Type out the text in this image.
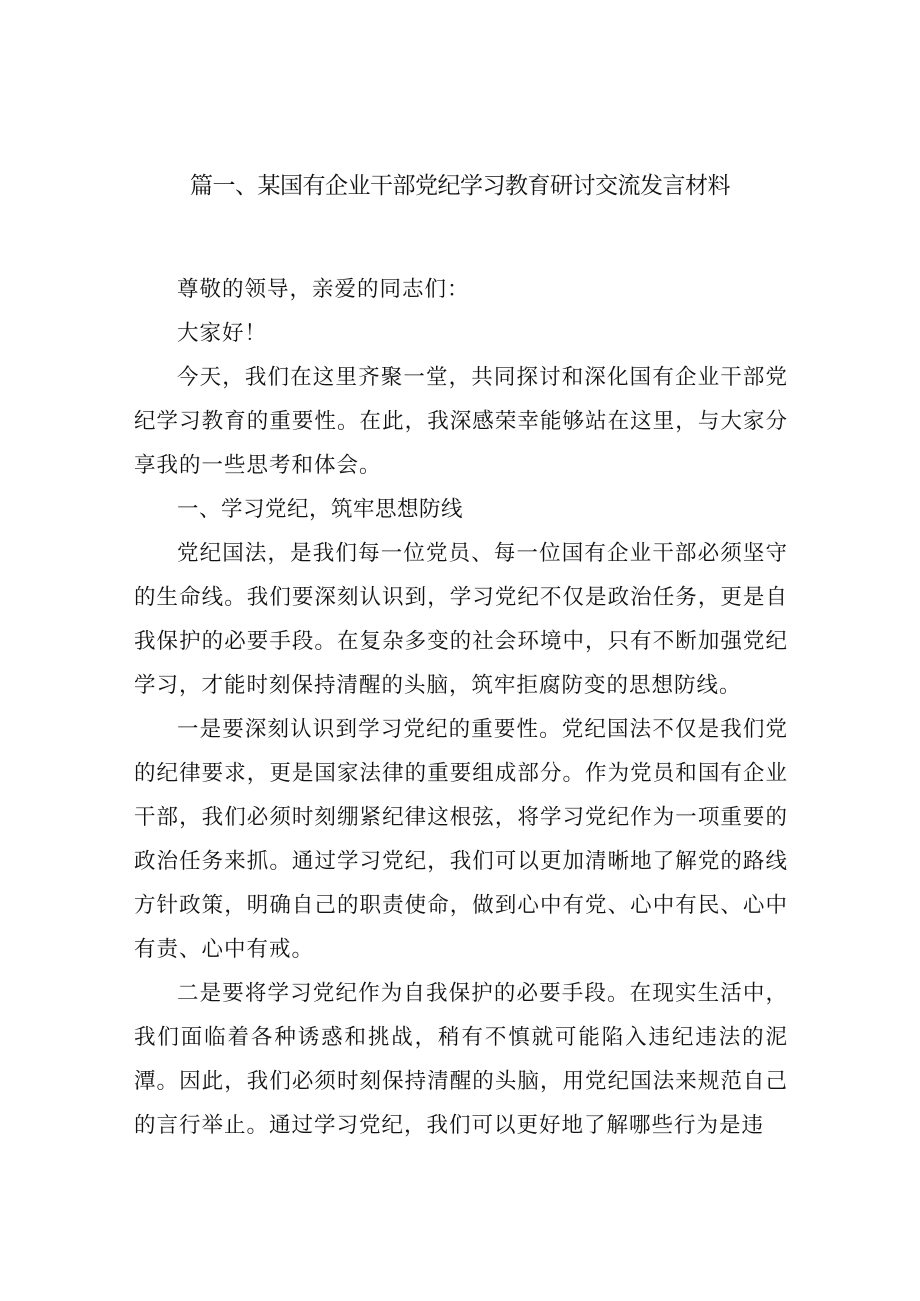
篇一、某国有企业干部党纪学习教育研讨交流发言材料

尊敬的领导，亲爱的同志们：

大家好！

今天，我们在这里齐聚一堂，共同探讨和深化国有企业干部党纪学习教育的重要性。在此，我深感荣幸能够站在这里，与大家分享我的一些思考和体会。

一、学习党纪，筑牢思想防线

党纪国法，是我们每一位党员、每一位国有企业干部必须坚守的生命线。我们要深刻认识到，学习党纪不仅是政治任务，更是自我保护的必要手段。在复杂多变的社会环境中，只有不断加强党纪学习，才能时刻保持清醒的头脑，筑牢拒腐防变的思想防线。

一是要深刻认识到学习党纪的重要性。党纪国法不仅是我们党的纪律要求，更是国家法律的重要组成部分。作为党员和国有企业干部，我们必须时刻绷紧纪律这根弦，将学习党纪作为一项重要的政治任务来抓。通过学习党纪，我们可以更加清晰地了解党的路线方针政策，明确自己的职责使命，做到心中有党、心中有民、心中有责、心中有戒。

二是要将学习党纪作为自我保护的必要手段。在现实生活中，我们面临着各种诱惑和挑战，稍有不慎就可能陷入违纪违法的泥潭。因此，我们必须时刻保持清醒的头脑，用党纪国法来规范自己的言行举止。通过学习党纪，我们可以更好地了解哪些行为是违
